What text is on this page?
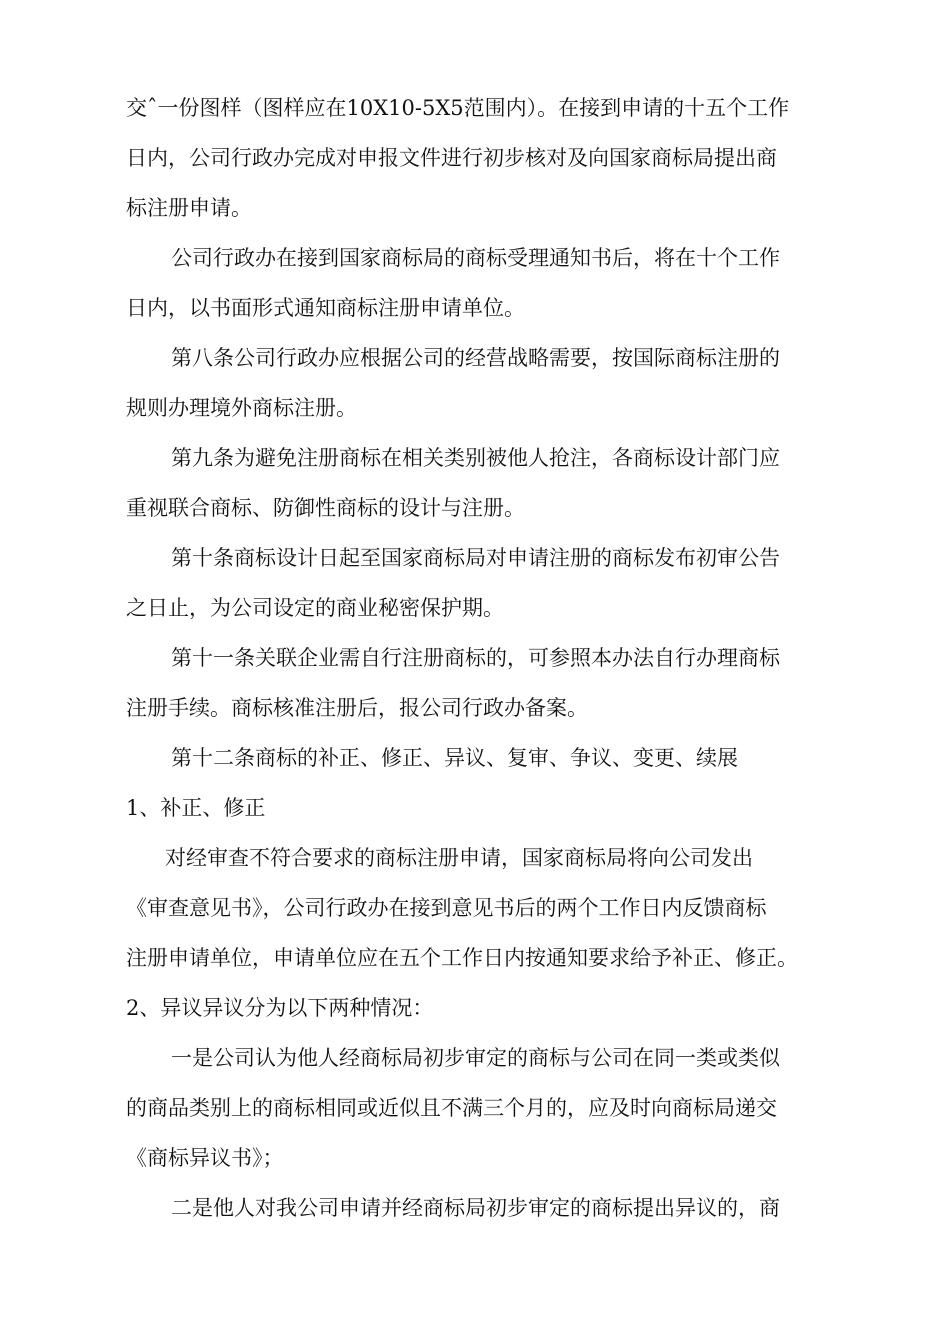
交ˆ一份图样（图样应在10X10-5X5范围内）。在接到申请的十五个工作
日内，公司行政办完成对申报文件进行初步核对及向国家商标局提出商
标注册申请。
公司行政办在接到国家商标局的商标受理通知书后，将在十个工作
日内，以书面形式通知商标注册申请单位。
第八条公司行政办应根据公司的经营战略需要，按国际商标注册的
规则办理境外商标注册。
第九条为避免注册商标在相关类别被他人抢注，各商标设计部门应
重视联合商标、防御性商标的设计与注册。
第十条商标设计日起至国家商标局对申请注册的商标发布初审公告
之日止，为公司设定的商业秘密保护期。
第十一条关联企业需自行注册商标的，可参照本办法自行办理商标
注册手续。商标核准注册后，报公司行政办备案。
第十二条商标的补正、修正、异议、复审、争议、变更、续展
1、补正、修正
对经审查不符合要求的商标注册申请，国家商标局将向公司发出
《审查意见书》，公司行政办在接到意见书后的两个工作日内反馈商标
注册申请单位，申请单位应在五个工作日内按通知要求给予补正、修正。
2、异议异议分为以下两种情况：
一是公司认为他人经商标局初步审定的商标与公司在同一类或类似
的商品类别上的商标相同或近似且不满三个月的，应及时向商标局递交
《商标异议书》；
二是他人对我公司申请并经商标局初步审定的商标提出异议的，商
